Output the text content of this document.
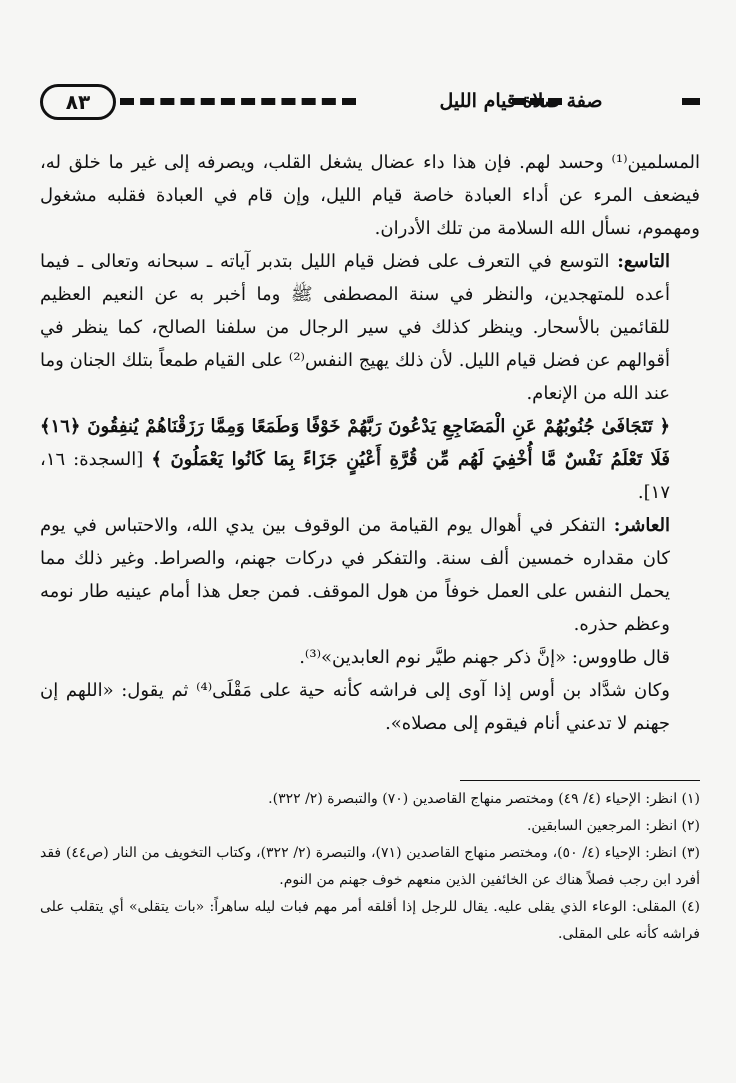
٨٣	صفة صلاة قيام الليل

المسلمين⁽¹⁾ وحسد لهم. فإن هذا داء عضال يشغل القلب، ويصرفه إلى غير ما خلق له، فيضعف المرء عن أداء العبادة خاصة قيام الليل، وإن قام في العبادة فقلبه مشغول ومهموم، نسأل الله السلامة من تلك الأدران.

التاسع: التوسع في التعرف على فضل قيام الليل بتدبر آياته ـ سبحانه وتعالى ـ فيما أعده للمتهجدين، والنظر في سنة المصطفى ﷺ وما أخبر به عن النعيم العظيم للقائمين بالأسحار. وينظر كذلك في سير الرجال من سلفنا الصالح، كما ينظر في أقوالهم عن فضل قيام الليل. لأن ذلك يهيج النفس⁽²⁾ على القيام طمعاً بتلك الجنان وما عند الله من الإنعام.

﴿ تَتَجَافَىٰ جُنُوبُهُمْ عَنِ الْمَضَاجِعِ يَدْعُونَ رَبَّهُمْ خَوْفًا وَطَمَعًا وَمِمَّا رَزَقْنَاهُمْ يُنفِقُونَ ﴿١٦﴾ فَلَا تَعْلَمُ نَفْسٌ مَّا أُخْفِيَ لَهُم مِّن قُرَّةِ أَعْيُنٍ جَزَاءً بِمَا كَانُوا يَعْمَلُونَ ﴾ [السجدة: ١٦، ١٧].

العاشر: التفكر في أهوال يوم القيامة من الوقوف بين يدي الله، والاحتباس في يوم كان مقداره خمسين ألف سنة. والتفكر في دركات جهنم، والصراط. وغير ذلك مما يحمل النفس على العمل خوفاً من هول الموقف. فمن جعل هذا أمام عينيه طار نومه وعظم حذره.

قال طاووس: «إنَّ ذكر جهنم طيَّر نوم العابدين»⁽³⁾.

وكان شدَّاد بن أوس إذا آوى إلى فراشه كأنه حية على مَقْلَى⁽⁴⁾ ثم يقول: «اللهم إن جهنم لا تدعني أنام فيقوم إلى مصلاه».

(١) انظر: الإحياء (٤/ ٤٩) ومختصر منهاج القاصدين (٧٠) والتبصرة (٢/ ٣٢٢).

(٢) انظر: المرجعين السابقين.

(٣) انظر: الإحياء (٤/ ٥٠)، ومختصر منهاج القاصدين (٧١)، والتبصرة (٢/ ٣٢٢)، وكتاب التخويف من النار (ص٤٤) فقد أفرد ابن رجب فصلاً هناك عن الخائفين الذين منعهم خوف جهنم من النوم.

(٤) المقلى: الوعاء الذي يقلى عليه. يقال للرجل إذا أقلقه أمر مهم فبات ليله ساهراً: «بات يتقلى» أي يتقلب على فراشه كأنه على المقلى.
